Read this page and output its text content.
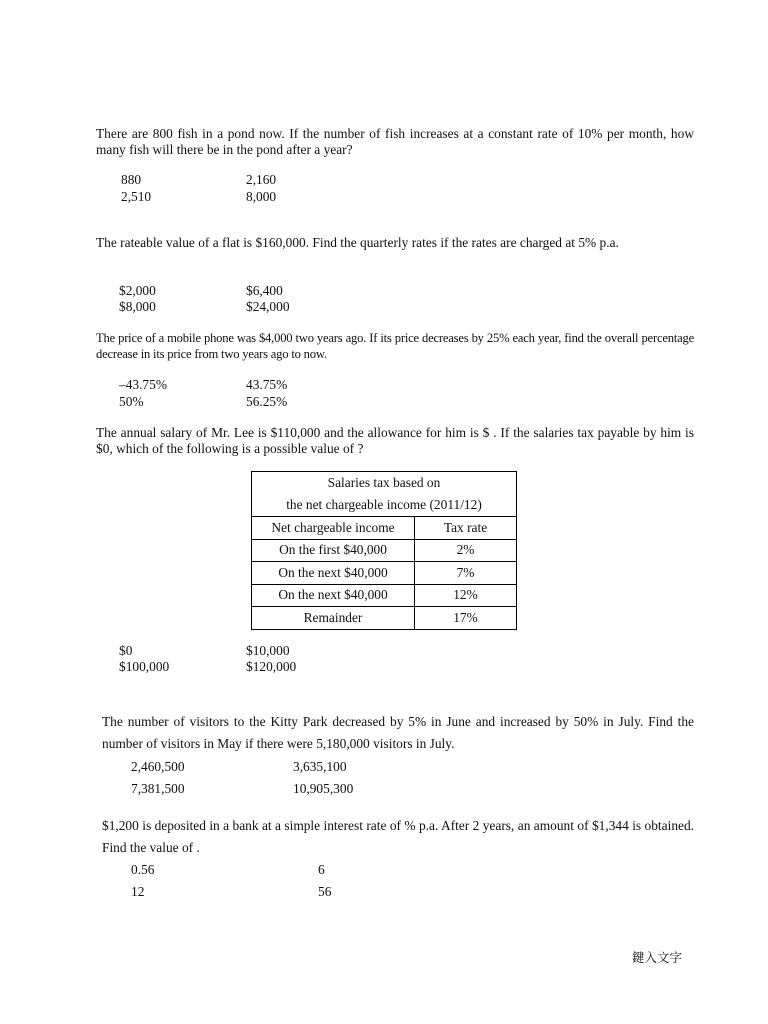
There are 800 fish in a pond now. If the number of fish increases at a constant rate of 10% per month, how many fish will there be in the pond after a year?
880	2,160
2,510	8,000
The rateable value of a flat is $160,000. Find the quarterly rates if the rates are charged at 5% p.a.
$2,000	$6,400
$8,000	$24,000
The price of a mobile phone was $4,000 two years ago. If its price decreases by 25% each year, find the overall percentage decrease in its price from two years ago to now.
–43.75%	43.75%
50%	56.25%
The annual salary of Mr. Lee is $110,000 and the allowance for him is $ . If the salaries tax payable by him is $0, which of the following is a possible value of ?
Salaries tax based on
the net chargeable income (2011/12)	

Net chargeable income	Tax rate
On the first $40,000	2%
On the next $40,000	7%
On the next $40,000	12%
Remainder	17%
$0	$10,000
$100,000	$120,000
The number of visitors to the Kitty Park decreased by 5% in June and increased by 50% in July. Find the number of visitors in May if there were 5,180,000 visitors in July.
2,460,500	3,635,100
7,381,500	10,905,300
$1,200 is deposited in a bank at a simple interest rate of % p.a. After 2 years, an amount of $1,344 is obtained. Find the value of .
0.56	6
12	56
鍵入文字
